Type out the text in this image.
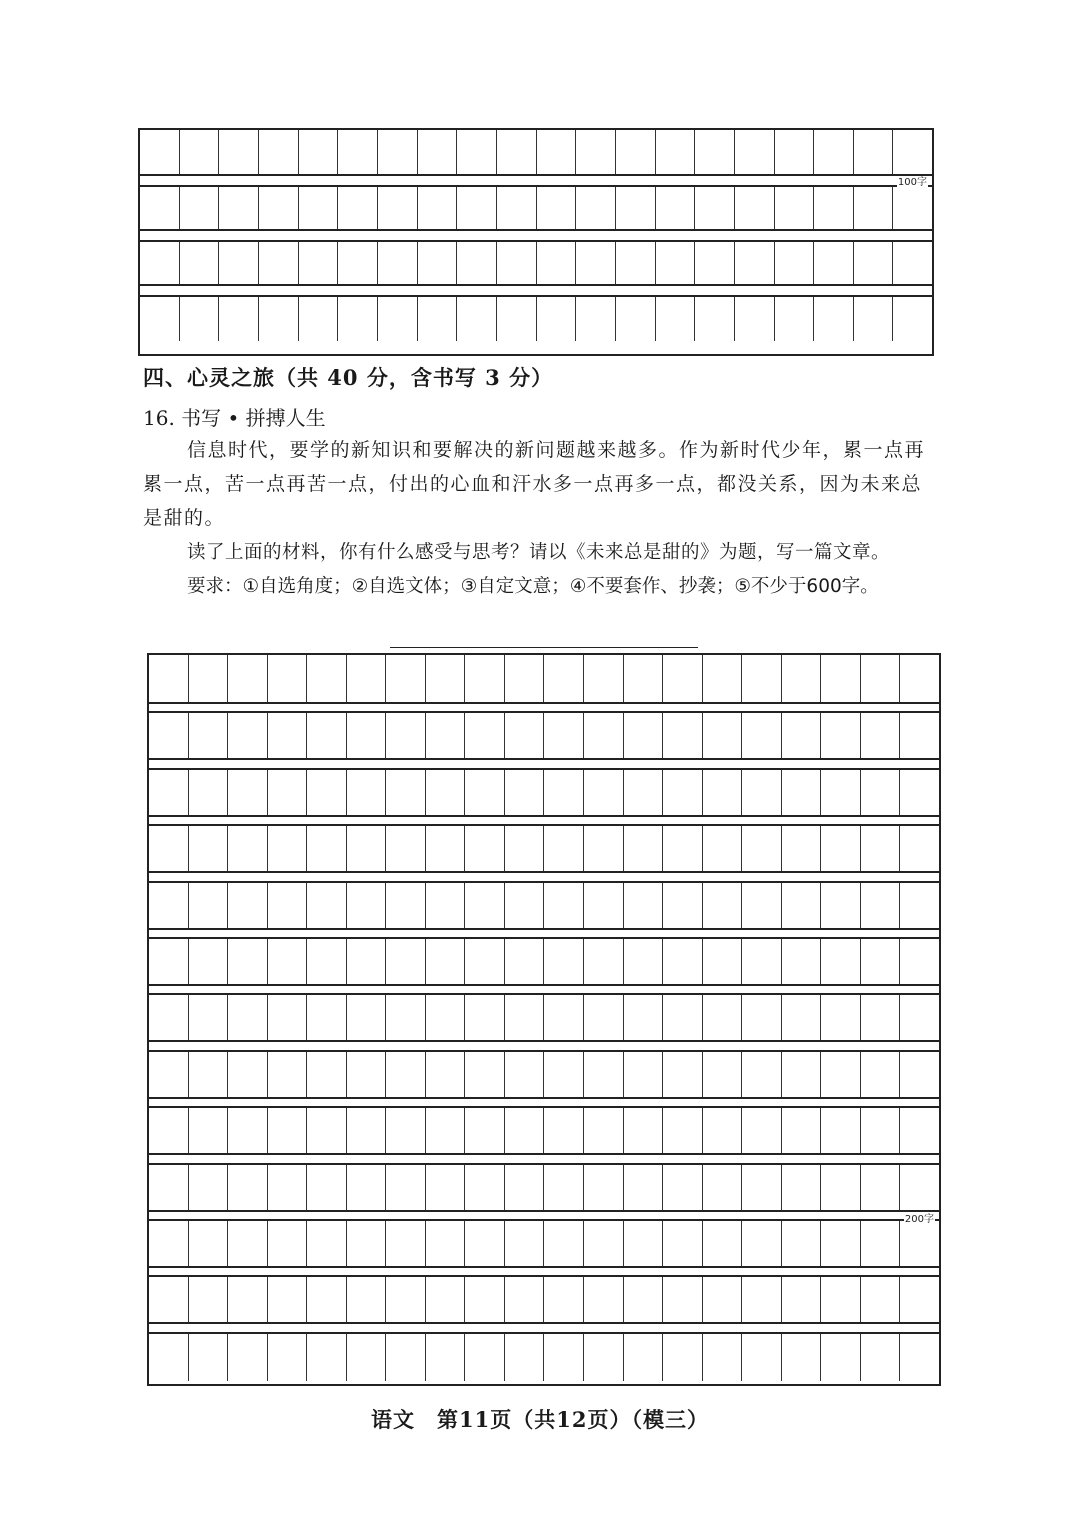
100字
四、心灵之旅（共 40 分，含书写 3 分）
16. 书写 • 拼搏人生
信息时代，要学的新知识和要解决的新问题越来越多。作为新时代少年，累一点再累一点，苦一点再苦一点，付出的心血和汗水多一点再多一点，都没关系，因为未来总是甜的。
读了上面的材料，你有什么感受与思考？请以《未来总是甜的》为题，写一篇文章。
要求：①自选角度；②自选文体；③自定文意；④不要套作、抄袭；⑤不少于600字。
200字
语文　第11页（共12页）（模三）
